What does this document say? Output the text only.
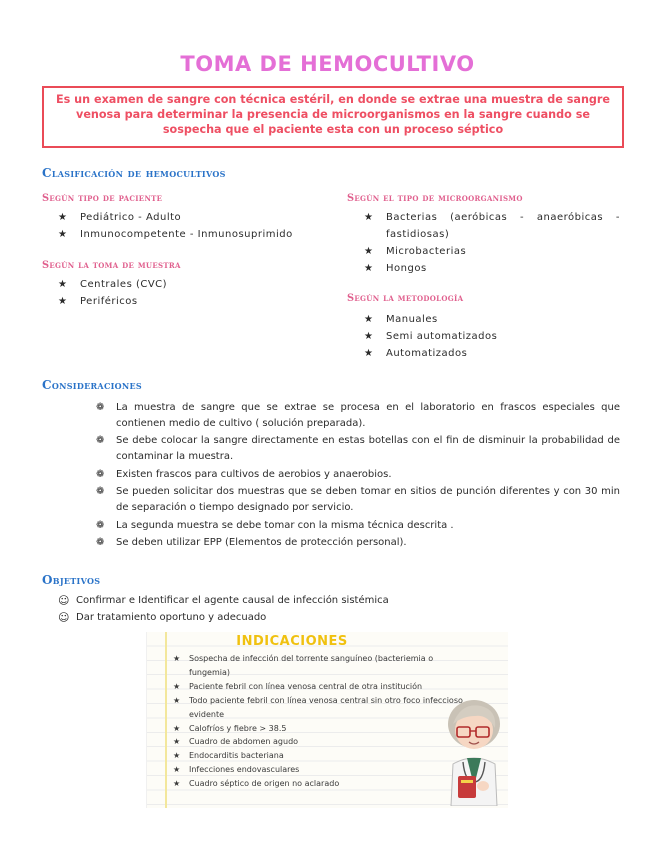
TOMA DE HEMOCULTIVO
Es un examen de sangre con técnica estéril, en donde se extrae una muestra de sangre venosa para determinar la presencia de microorganismos en la sangre cuando se sospecha que el paciente esta con un proceso séptico
Clasificación de hemocultivos
Según tipo de paciente
★ Pediátrico - Adulto
★ Inmunocompetente - Inmunosuprimido
Según la toma de muestra
★ Centrales (CVC)
★ Periféricos
Según el tipo de microorganismo
★ Bacterias (aeróbicas - anaeróbicas - fastidiosas)
★ Microbacterias
★ Hongos
Según la metodología
★ Manuales
★ Semi automatizados
★ Automatizados
Consideraciones
❁ La muestra de sangre que se extrae se procesa en el laboratorio en frascos especiales que contienen medio de cultivo ( solución preparada).
❁ Se debe colocar la sangre directamente en estas botellas con el fin de disminuir la probabilidad de contaminar la muestra.
❁ Existen frascos para cultivos de aerobios y anaerobios.
❁ Se pueden solicitar dos muestras que se deben tomar en sitios de punción diferentes y con 30 min de separación o tiempo designado por servicio.
❁ La segunda muestra se debe tomar con la misma técnica descrita .
❁ Se deben utilizar EPP (Elementos de protección personal).
Objetivos
☺ Confirmar e Identificar el agente causal de infección sistémica
☺ Dar tratamiento oportuno y adecuado
INDICACIONES
★ Sospecha de infección del torrente sanguíneo (bacteriemia o fungemia)
★ Paciente febril con línea venosa central de otra institución
★ Todo paciente febril con línea venosa central sin otro foco infeccioso evidente
★ Calofríos y fiebre > 38.5
★ Cuadro de abdomen agudo
★ Endocarditis bacteriana
★ Infecciones endovasculares
★ Cuadro séptico de origen no aclarado
